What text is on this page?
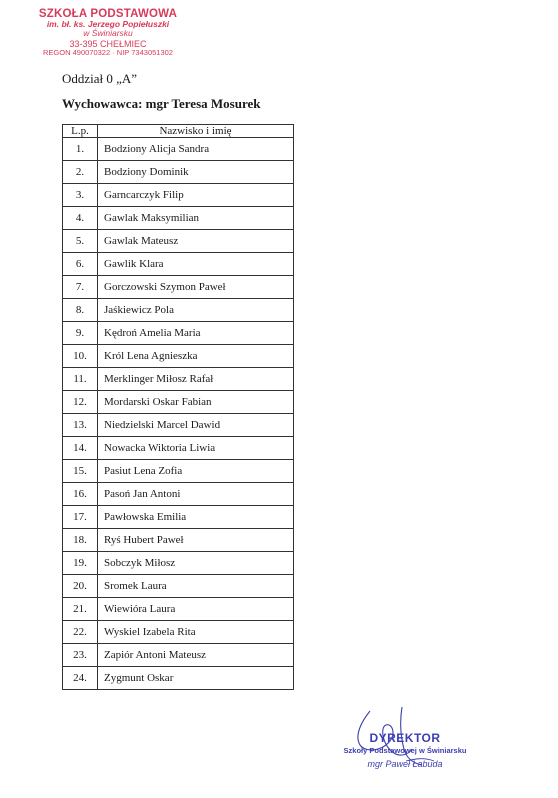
SZKOŁA PODSTAWOWA
im. bł. ks. Jerzego Popiełuszki
w Świniarsku
33-395 CHEŁMIEC
REGON 490070322 · NIP 7343051302
Oddział 0 „A”
Wychowawca: mgr Teresa Mosurek
L.p.	Nazwisko i imię
1.	Bodziony Alicja Sandra
2.	Bodziony Dominik
3.	Garncarczyk Filip
4.	Gawlak Maksymilian
5.	Gawlak Mateusz
6.	Gawlik Klara
7.	Gorczowski Szymon Paweł
8.	Jaśkiewicz Pola
9.	Kędroń Amelia Maria
10.	Król Lena Agnieszka
11.	Merklinger Miłosz Rafał
12.	Mordarski Oskar Fabian
13.	Niedzielski Marcel Dawid
14.	Nowacka Wiktoria Liwia
15.	Pasiut Lena Zofia
16.	Pasoń Jan Antoni
17.	Pawłowska Emilia
18.	Ryś Hubert Paweł
19.	Sobczyk Miłosz
20.	Sromek Laura
21.	Wiewióra Laura
22.	Wyskiel Izabela Rita
23.	Zapiór Antoni Mateusz
24.	Zygmunt Oskar
DYREKTOR
Szkoły Podstawowej w Świniarsku
mgr Paweł Łabuda
